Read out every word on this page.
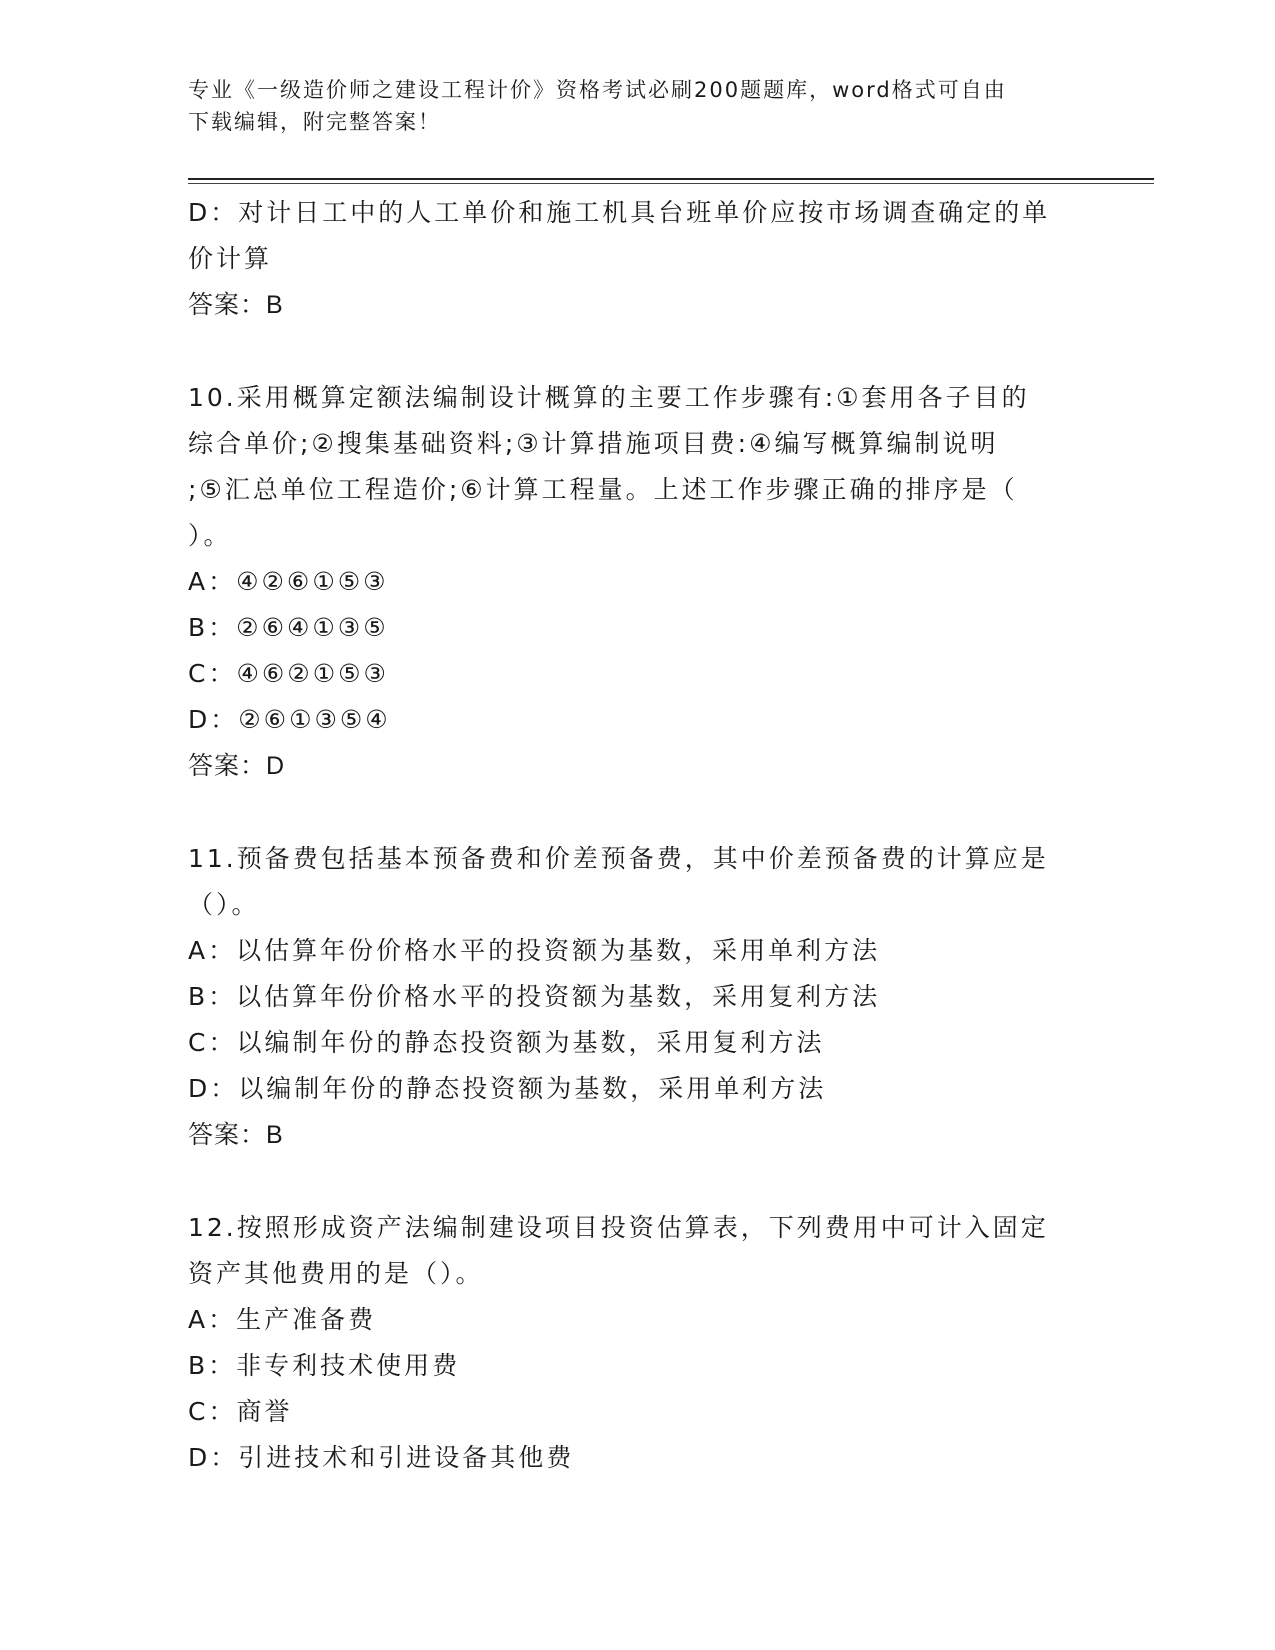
专业《一级造价师之建设工程计价》资格考试必刷200题题库，word格式可自由
下载编辑，附完整答案！

D：对计日工中的人工单价和施工机具台班单价应按市场调查确定的单

价计算

答案：B

10.采用概算定额法编制设计概算的主要工作步骤有:①套用各子目的

综合单价;②搜集基础资料;③计算措施项目费:④编写概算编制说明

;⑤汇总单位工程造价;⑥计算工程量。上述工作步骤正确的排序是（

）。

A：④②⑥①⑤③

B：②⑥④①③⑤

C：④⑥②①⑤③

D：②⑥①③⑤④

答案：D

11.预备费包括基本预备费和价差预备费，其中价差预备费的计算应是

（）。

A：以估算年份价格水平的投资额为基数，采用单利方法

B：以估算年份价格水平的投资额为基数，采用复利方法

C：以编制年份的静态投资额为基数，采用复利方法

D：以编制年份的静态投资额为基数，采用单利方法

答案：B

12.按照形成资产法编制建设项目投资估算表，下列费用中可计入固定

资产其他费用的是（）。

A：生产准备费

B：非专利技术使用费

C：商誉

D：引进技术和引进设备其他费
